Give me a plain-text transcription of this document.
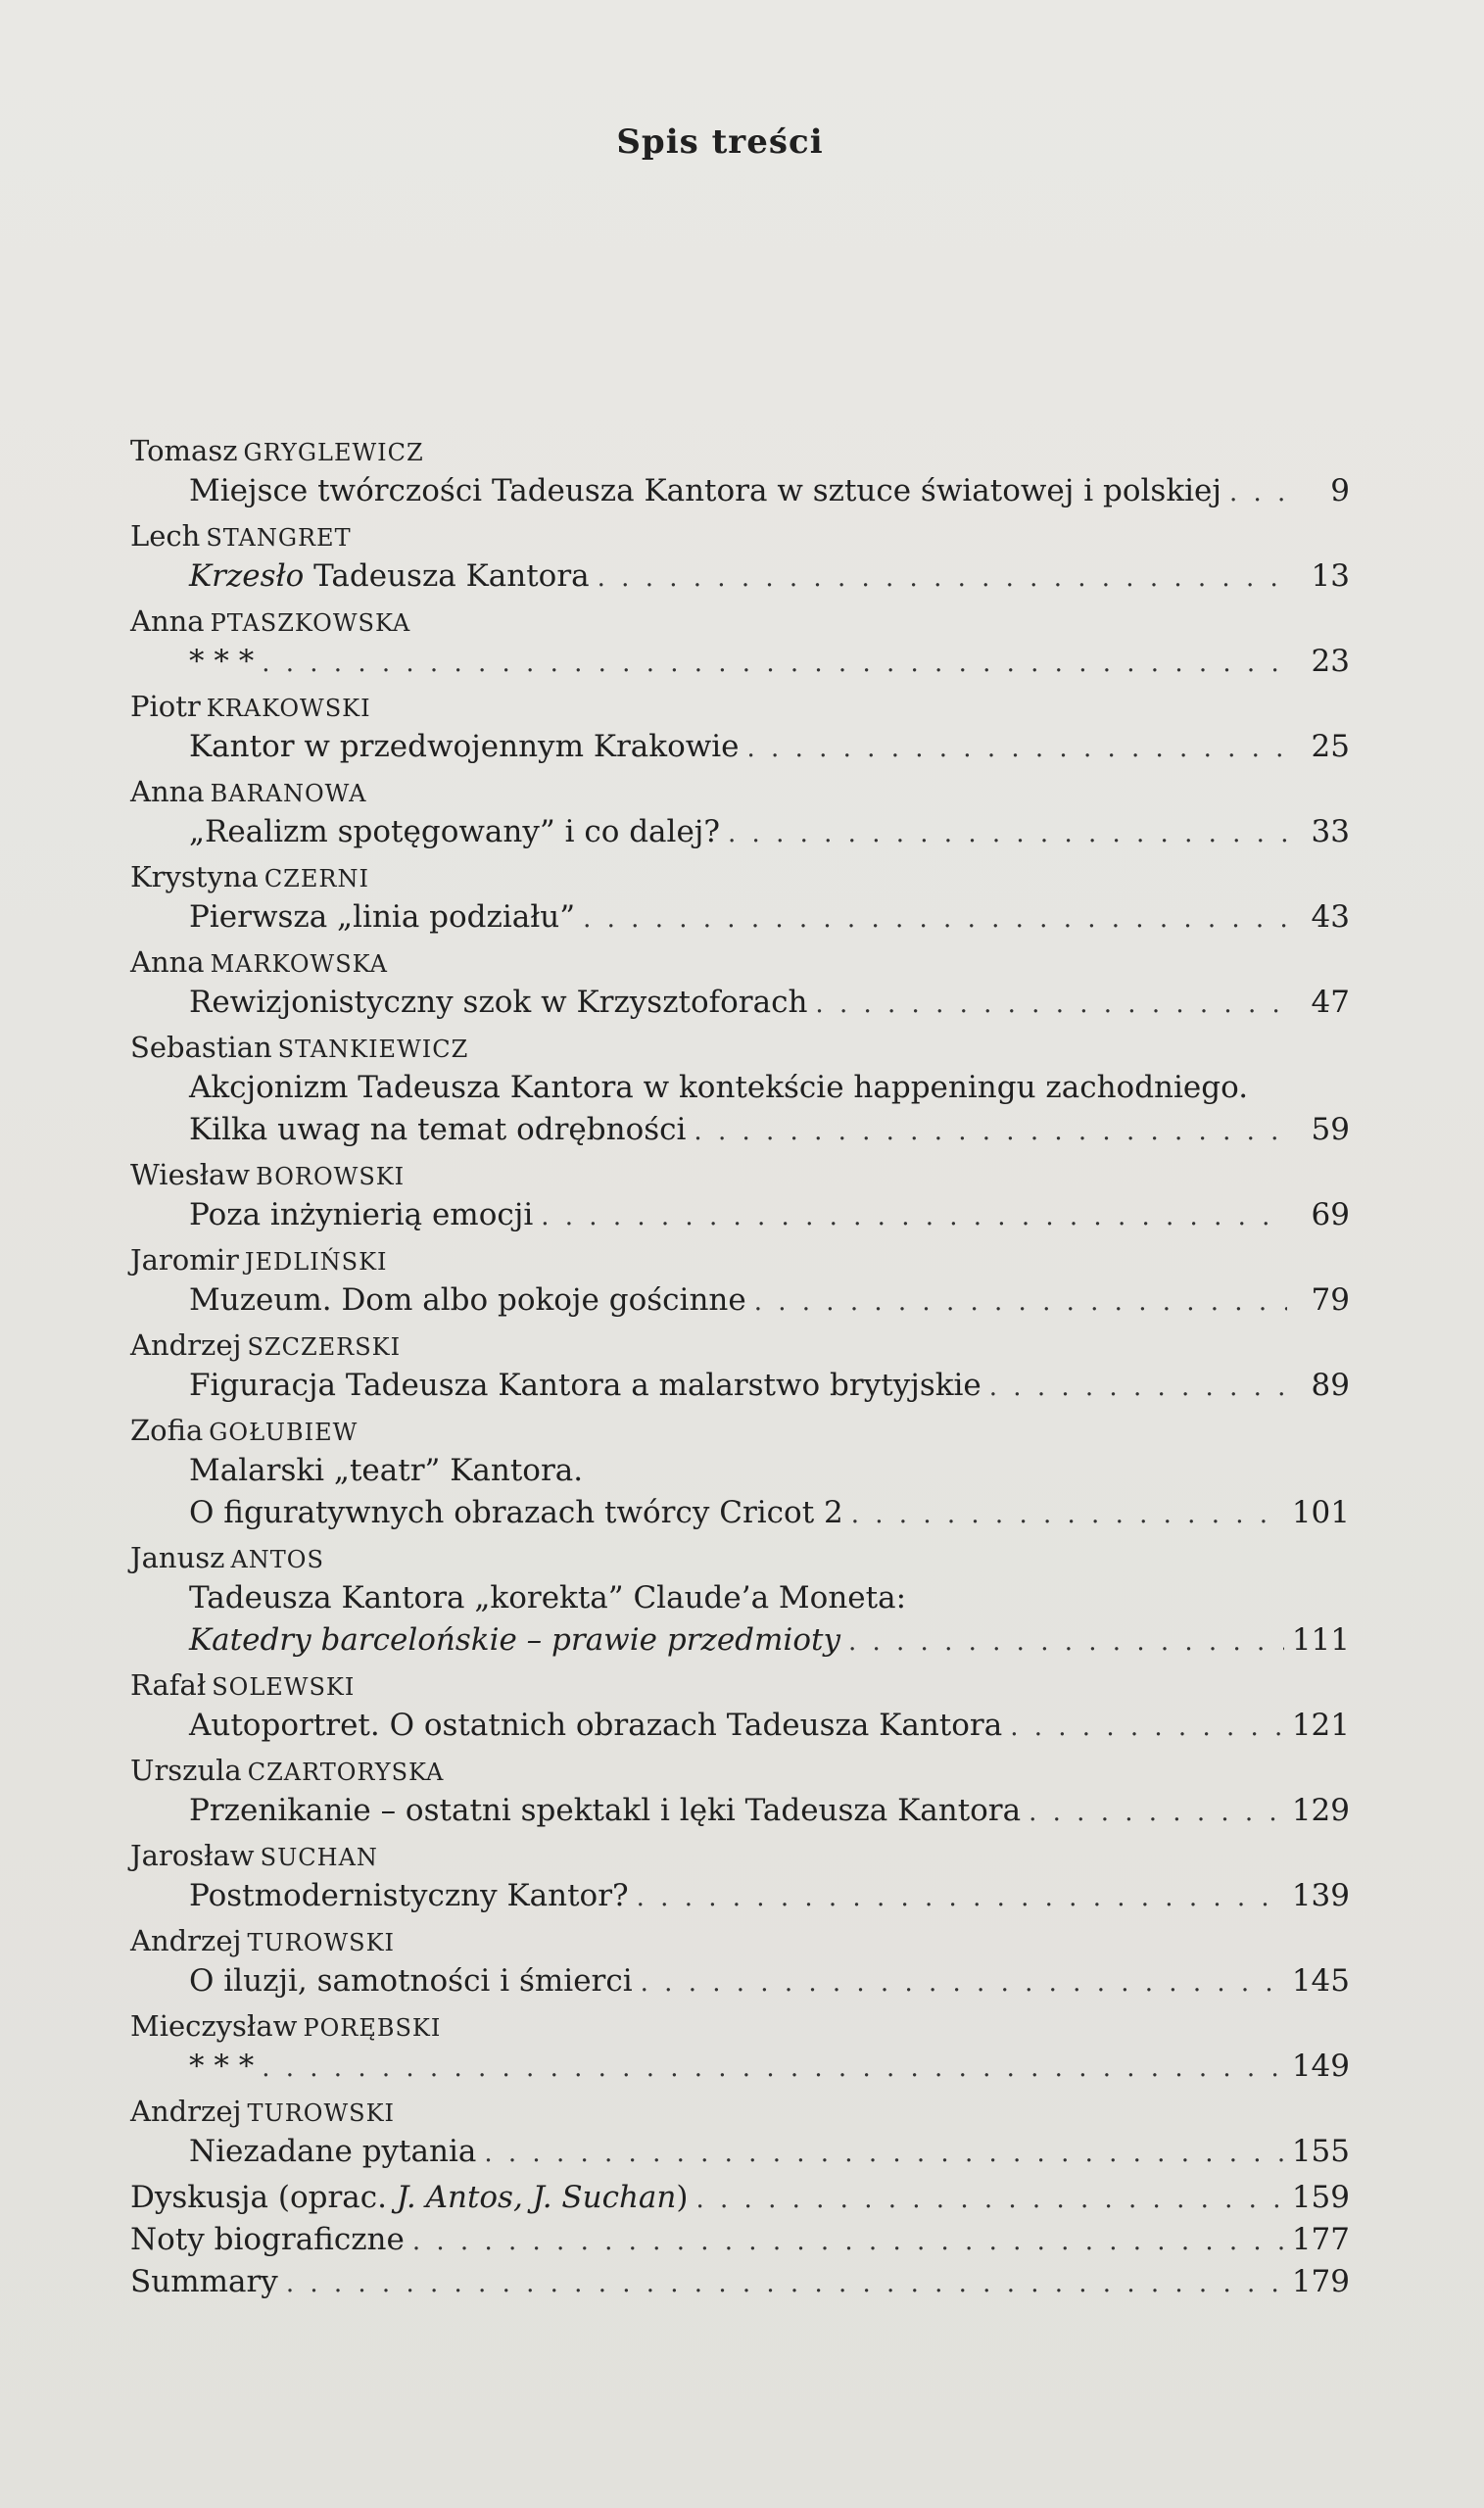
Spis treści
Tomasz GRYGLEWICZ
Miejsce twórczości Tadeusza Kantora w sztuce światowej i polskiej . . .	9
Lech STANGRET
Krzesło Tadeusza Kantora . . .	13
Anna PTASZKOWSKA
* * * . . .	23
Piotr KRAKOWSKI
Kantor w przedwojennym Krakowie . . .	25
Anna BARANOWA
„Realizm spotęgowany” i co dalej? . . .	33
Krystyna CZERNI
Pierwsza „linia podziału” . . .	43
Anna MARKOWSKA
Rewizjonistyczny szok w Krzysztoforach . . .	47
Sebastian STANKIEWICZ
Akcjonizm Tadeusza Kantora w kontekście happeningu zachodniego.
Kilka uwag na temat odrębności . . .	59
Wiesław BOROWSKI
Poza inżynierią emocji . . .	69
Jaromir JEDLIŃSKI
Muzeum. Dom albo pokoje gościnne . . .	79
Andrzej SZCZERSKI
Figuracja Tadeusza Kantora a malarstwo brytyjskie . . .	89
Zofia GOŁUBIEW
Malarski „teatr” Kantora.
O figuratywnych obrazach twórcy Cricot 2 . . .	101
Janusz ANTOS
Tadeusza Kantora „korekta” Claude’a Moneta:
Katedry barcelońskie – prawie przedmioty . . .	111
Rafał SOLEWSKI
Autoportret. O ostatnich obrazach Tadeusza Kantora . . .	121
Urszula CZARTORYSKA
Przenikanie – ostatni spektakl i lęki Tadeusza Kantora . . .	129
Jarosław SUCHAN
Postmodernistyczny Kantor? . . .	139
Andrzej TUROWSKI
O iluzji, samotności i śmierci . . .	145
Mieczysław PORĘBSKI
* * * . . .	149
Andrzej TUROWSKI
Niezadane pytania . . .	155
Dyskusja (oprac. J. Antos, J. Suchan) . . .	159
Noty biograficzne . . .	177
Summary . . .	179
